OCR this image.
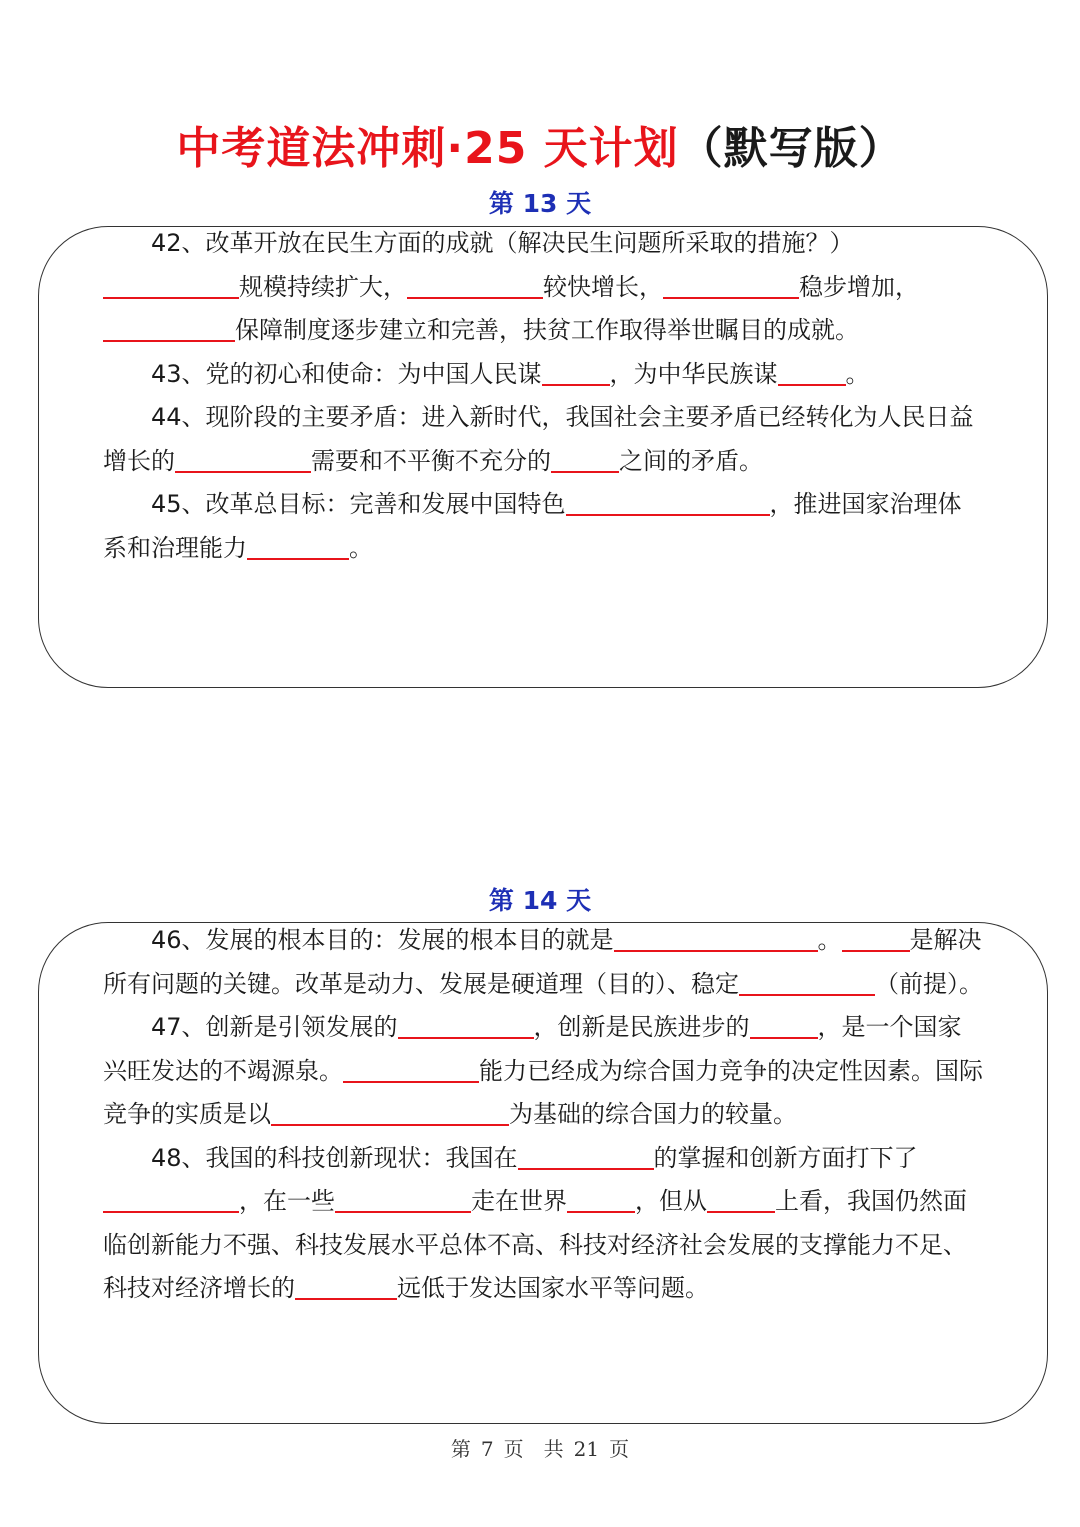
中考道法冲刺·25 天计划（默写版）
第 13 天

42、改革开放在民生方面的成就（解决民生问题所采取的措施？）规模持续扩大，	较快增长，	稳步增加，保障制度逐步建立和完善，扶贫工作取得举世瞩目的成就。

43、党的初心和使命：为中国人民谋	，为中华民族谋	。

44、现阶段的主要矛盾：进入新时代，我国社会主要矛盾已经转化为人民日益增长的	需要和不平衡不充分的	之间的矛盾。

45、改革总目标：完善和发展中国特色	，推进国家治理体系和治理能力	。

第 14 天

46、发展的根本目的：发展的根本目的就是	。	是解决所有问题的关键。改革是动力、发展是硬道理（目的）、稳定	（前提）。

47、创新是引领发展的	，创新是民族进步的	，是一个国家兴旺发达的不竭源泉。	能力已经成为综合国力竞争的决定性因素。国际竞争的实质是以	为基础的综合国力的较量。

48、我国的科技创新现状：我国在	的掌握和创新方面打下了，在一些	走在世界	，但从	上看，我国仍然面临创新能力不强、科技发展水平总体不高、科技对经济社会发展的支撑能力不足、科技对经济增长的	远低于发达国家水平等问题。

第 7 页　共 21 页
